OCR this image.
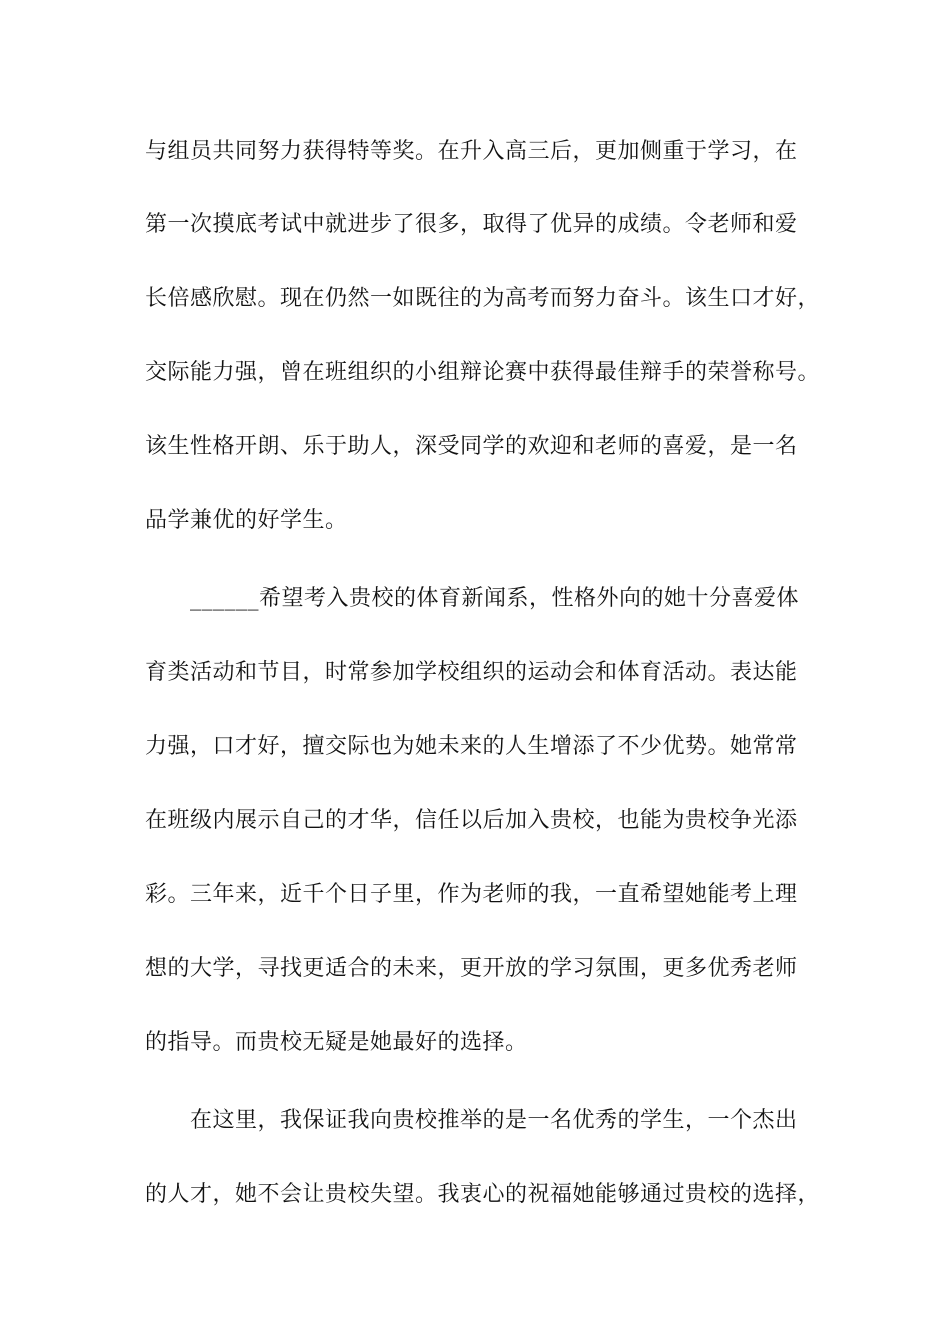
与组员共同努力获得特等奖。在升入高三后，更加侧重于学习，在
第一次摸底考试中就进步了很多，取得了优异的成绩。令老师和爱
长倍感欣慰。现在仍然一如既往的为高考而努力奋斗。该生口才好，
交际能力强，曾在班组织的小组辩论赛中获得最佳辩手的荣誉称号。
该生性格开朗、乐于助人，深受同学的欢迎和老师的喜爱，是一名
品学兼优的好学生。
______希望考入贵校的体育新闻系，性格外向的她十分喜爱体
育类活动和节目，时常参加学校组织的运动会和体育活动。表达能
力强，口才好，擅交际也为她未来的人生增添了不少优势。她常常
在班级内展示自己的才华，信任以后加入贵校，也能为贵校争光添
彩。三年来，近千个日子里，作为老师的我，一直希望她能考上理
想的大学，寻找更适合的未来，更开放的学习氛围，更多优秀老师
的指导。而贵校无疑是她最好的选择。
在这里，我保证我向贵校推举的是一名优秀的学生，一个杰出
的人才，她不会让贵校失望。我衷心的祝福她能够通过贵校的选择，
